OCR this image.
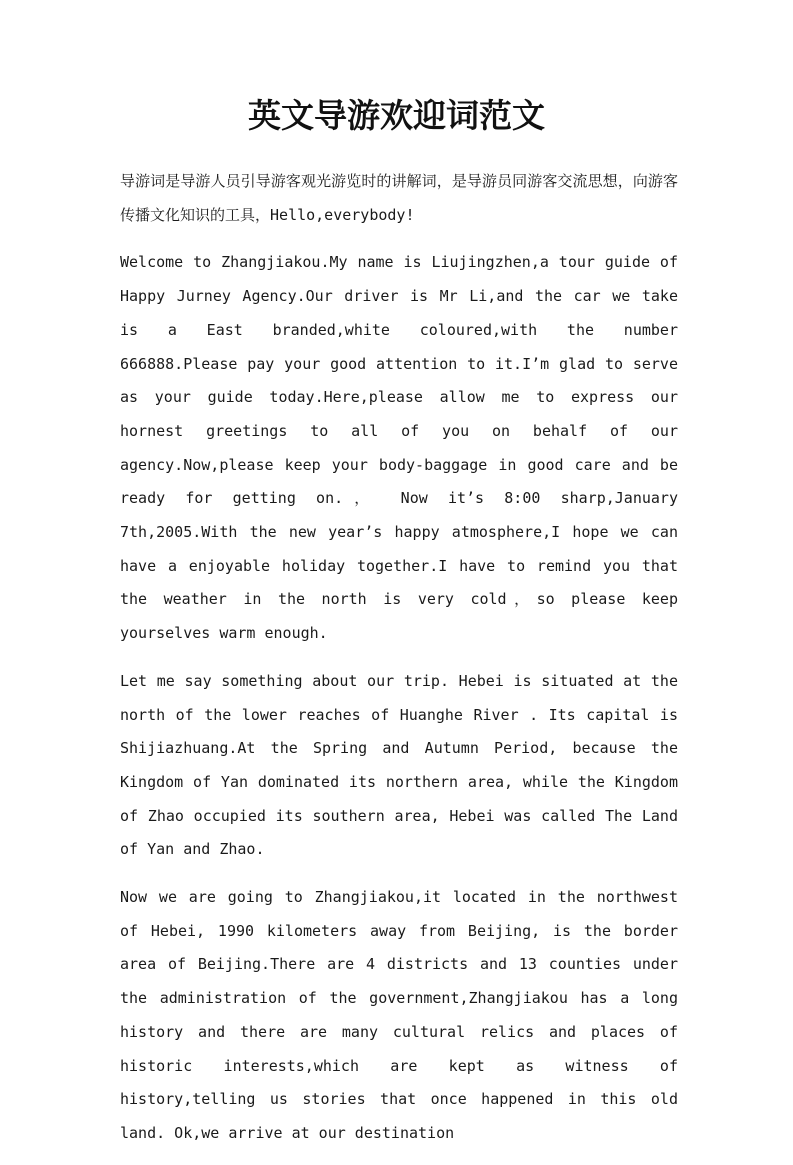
英文导游欢迎词范文

导游词是导游人员引导游客观光游览时的讲解词，是导游员同游客交流思想，向游客传播文化知识的工具，Hello,everybody!

Welcome to Zhangjiakou.My name is Liujingzhen,a tour guide of Happy Jurney Agency.Our driver is Mr Li,and the car we take is a East branded,white coloured,with the number 666888.Please pay your good attention to it.I’m glad to serve as your guide today.Here,please allow me to express our hornest greetings to all of you on behalf of our agency.Now,please keep your body-baggage in good care and be ready for getting on.， Now it’s 8:00 sharp,January 7th,2005.With the new year’s happy atmosphere,I hope we can have a enjoyable holiday together.I have to remind you that the weather in the north is very cold，so please keep yourselves warm enough.

Let me say something about our trip. Hebei is situated at the north of the lower reaches of Huanghe River . Its capital is Shijiazhuang.At the Spring and Autumn Period, because the Kingdom of Yan dominated its northern area, while the Kingdom of Zhao occupied its southern area, Hebei was called The Land of Yan and Zhao.

Now we are going to Zhangjiakou,it located in the northwest of Hebei, 1990 kilometers away from Beijing, is the border area of Beijing.There are 4 districts and 13 counties under the administration of the government,Zhangjiakou has a long history and there are many cultural relics and places of historic interests,which are kept as witness of history,telling us stories that once happened in this old land. Ok,we arrive at our destination
